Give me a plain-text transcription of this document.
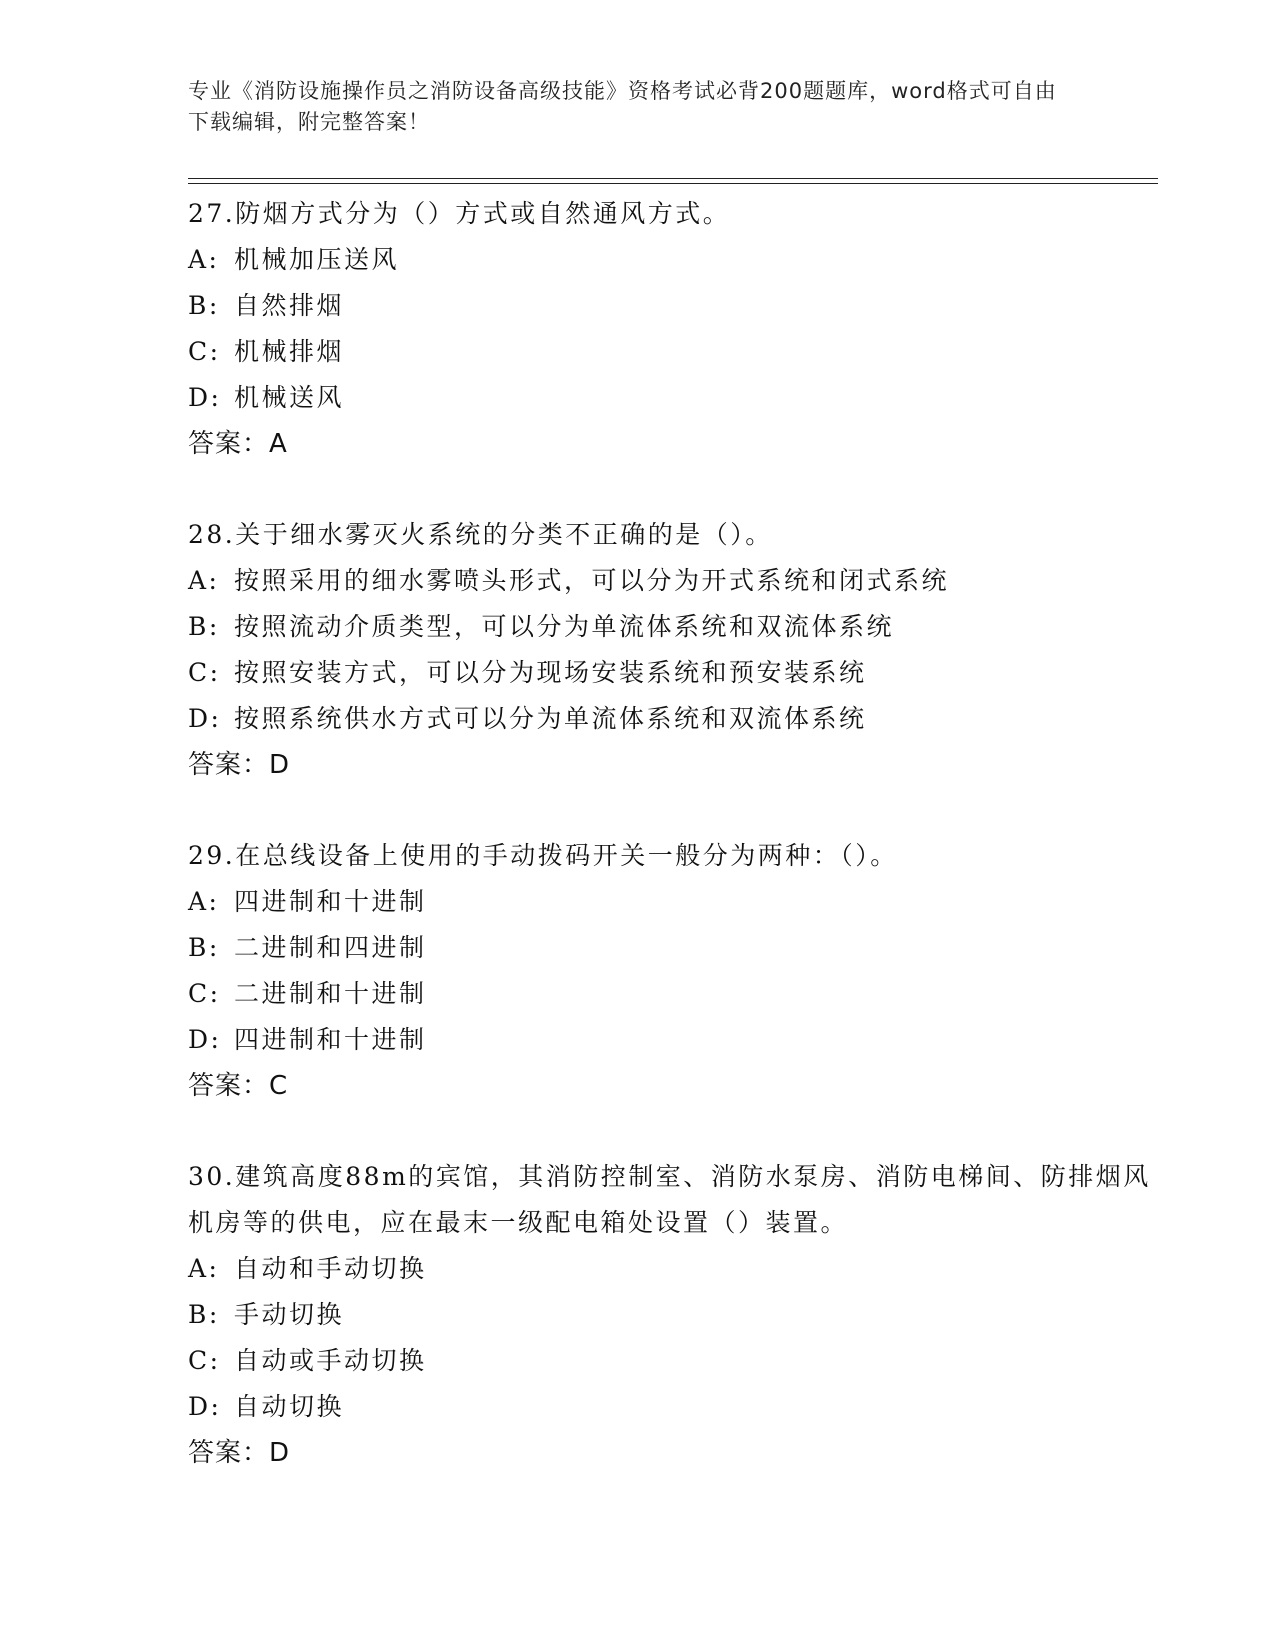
专业《消防设施操作员之消防设备高级技能》资格考试必背200题题库，word格式可自由下载编辑，附完整答案！
27.防烟方式分为（）方式或自然通风方式。
A: 机械加压送风
B: 自然排烟
C: 机械排烟
D: 机械送风
答案：A
28.关于细水雾灭火系统的分类不正确的是（）。
A: 按照采用的细水雾喷头形式，可以分为开式系统和闭式系统
B: 按照流动介质类型，可以分为单流体系统和双流体系统
C: 按照安装方式，可以分为现场安装系统和预安装系统
D: 按照系统供水方式可以分为单流体系统和双流体系统
答案：D
29.在总线设备上使用的手动拨码开关一般分为两种：（）。
A: 四进制和十进制
B: 二进制和四进制
C: 二进制和十进制
D: 四进制和十进制
答案：C
30.建筑高度88m的宾馆，其消防控制室、消防水泵房、消防电梯间、防排烟风机房等的供电，应在最末一级配电箱处设置（）装置。
A: 自动和手动切换
B: 手动切换
C: 自动或手动切换
D: 自动切换
答案：D
